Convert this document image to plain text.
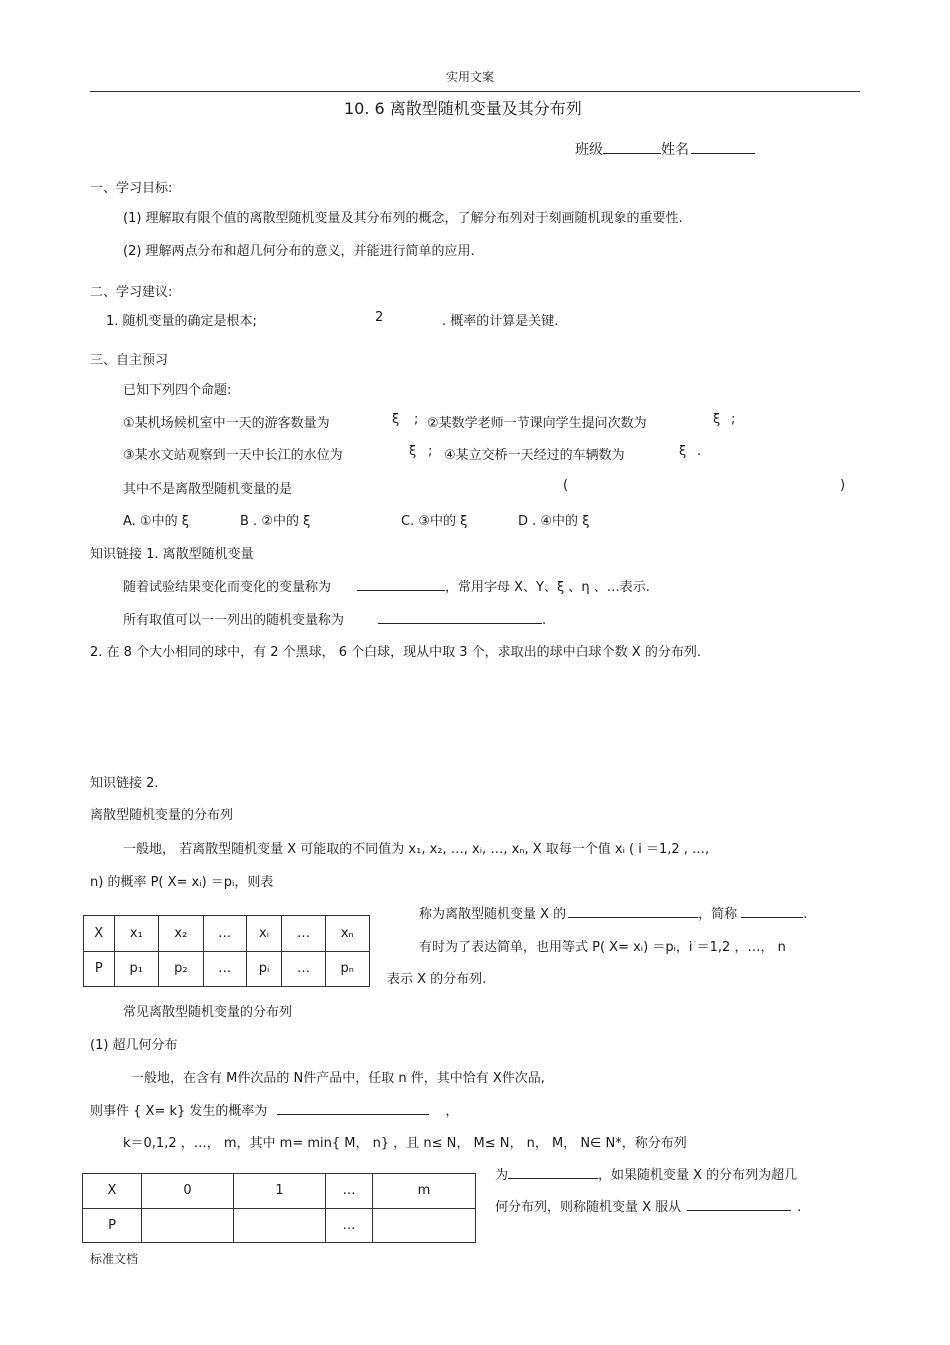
实用文案
10. 6 离散型随机变量及其分布列
班级	姓名
一、学习目标:
(1) 理解取有限个值的离散型随机变量及其分布列的概念，了解分布列对于刻画随机现象的重要性.
(2) 理解两点分布和超几何分布的意义，并能进行简单的应用.
二、学习建议:
1. 随机变量的确定是根本;	2	. 概率的计算是关键.
三、自主预习
已知下列四个命题:
①某机场候机室中一天的游客数量为	ξ ; ②某数学老师一节课向学生提问次数为	ξ ;
③某水文站观察到一天中长江的水位为	ξ ; ④某立交桥一天经过的车辆数为	ξ .
其中不是离散型随机变量的是	(	)
A. ①中的 ξ	B . ②中的 ξ	C. ③中的 ξ	D . ④中的 ξ
知识链接 1. 离散型随机变量
随着试验结果变化而变化的变量称为	，常用字母 X、Y、ξ 、η 、…表示.
所有取值可以一一列出的随机变量称为	.
2. 在 8 个大小相同的球中，有 2 个黑球， 6 个白球，现从中取 3 个，求取出的球中白球个数 X 的分布列.
知识链接 2.
离散型随机变量的分布列
一般地， 若离散型随机变量 X 可能取的不同值为 x₁, x₂, …, xᵢ, …, xₙ, X 取每一个值 xᵢ ( i ＝1,2 , …,
n) 的概率 P( X= xᵢ) ＝pᵢ，则表
X	x₁	x₂	…	xᵢ	…	xₙ
P	p₁	p₂	…	pᵢ	…	pₙ
称为离散型随机变量 X 的	，简称	.
有时为了表达简单，也用等式 P( X= xᵢ) ＝pᵢ，i ＝1,2 ，…， n
表示 X 的分布列.
常见离散型随机变量的分布列
(1) 超几何分布
一般地，在含有 M件次品的 N件产品中，任取 n 件，其中恰有 X件次品,
则事件 { X= k} 发生的概率为	，
k＝0,1,2 ，…， m，其中 m= min{ M， n} ，且 n≤ N， M≤ N， n， M， N∈ N*，称分布列
X	0	1	…	m
P			…	
为	，如果随机变量 X 的分布列为超几
何分布列，则称随机变量 X 服从	.
标准文档
